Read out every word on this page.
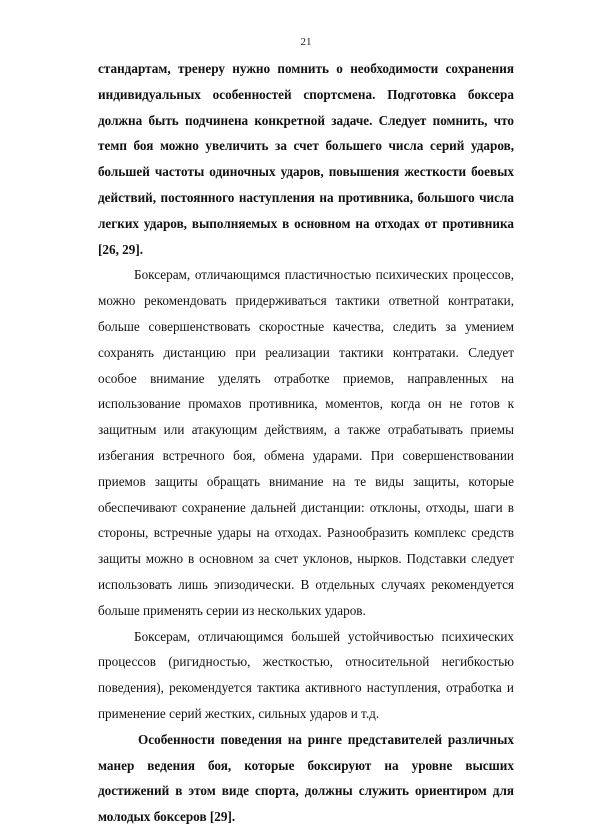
21

стандартам, тренеру нужно помнить о необходимости сохранения индивидуальных особенностей спортсмена. Подготовка боксера должна быть подчинена конкретной задаче. Следует помнить, что темп боя можно увеличить за счет большего числа серий ударов, большей частоты одиночных ударов, повышения жесткости боевых действий, постоянного наступления на противника, большого числа легких ударов, выполняемых в основном на отходах от противника [26, 29].

Боксерам, отличающимся пластичностью психических процессов, можно рекомендовать придерживаться тактики ответной контратаки, больше совершенствовать скоростные качества, следить за умением сохранять дистанцию при реализации тактики контратаки. Следует особое внимание уделять отработке приемов, направленных на использование промахов противника, моментов, когда он не готов к защитным или атакующим действиям, а также отрабатывать приемы избегания встречного боя, обмена ударами. При совершенствовании приемов защиты обращать внимание на те виды защиты, которые обеспечивают сохранение дальней дистанции: отклоны, отходы, шаги в стороны, встречные удары на отходах. Разнообразить комплекс средств защиты можно в основном за счет уклонов, нырков. Подставки следует использовать лишь эпизодически. В отдельных случаях рекомендуется больше применять серии из нескольких ударов.

Боксерам, отличающимся большей устойчивостью психических процессов (ригидностью, жесткостью, относительной негибкостью поведения), рекомендуется тактика активного наступления, отработка и применение серий жестких, сильных ударов и т.д.

Особенности поведения на ринге представителей различных манер ведения боя, которые боксируют на уровне высших достижений в этом виде спорта, должны служить ориентиром для молодых боксеров [29].
